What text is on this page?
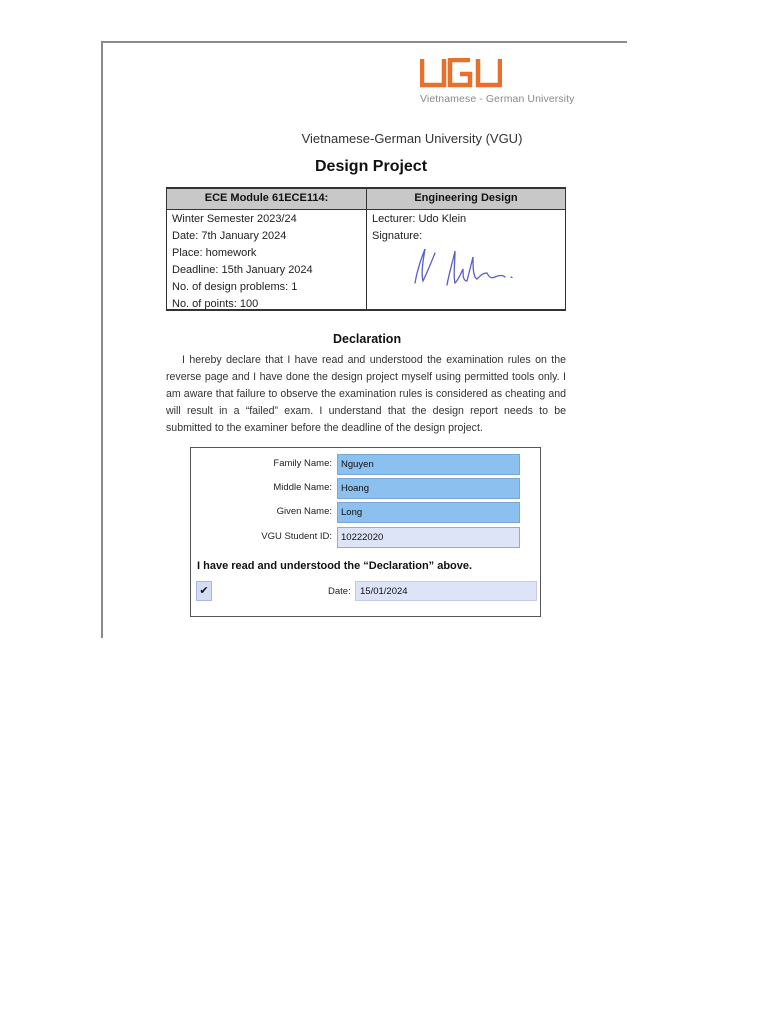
Vietnamese - German University
Vietnamese-German University (VGU)
Design Project
ECE Module 61ECE114:	Engineering Design
Winter Semester 2023/24
Date: 7th January 2024
Place: homework
Deadline: 15th January 2024
No. of design problems: 1
No. of points: 100
Lecturer: Udo Klein
Signature:
Declaration
I hereby declare that I have read and understood the examination rules on the reverse page and I have done the design project myself using permitted tools only. I am aware that failure to observe the examination rules is considered as cheating and will result in a “failed” exam. I understand that the design report needs to be submitted to the examiner before the deadline of the design project.
Family Name: Nguyen
Middle Name: Hoang
Given Name: Long
VGU Student ID: 10222020
I have read and understood the “Declaration” above.
✔	Date: 15/01/2024
